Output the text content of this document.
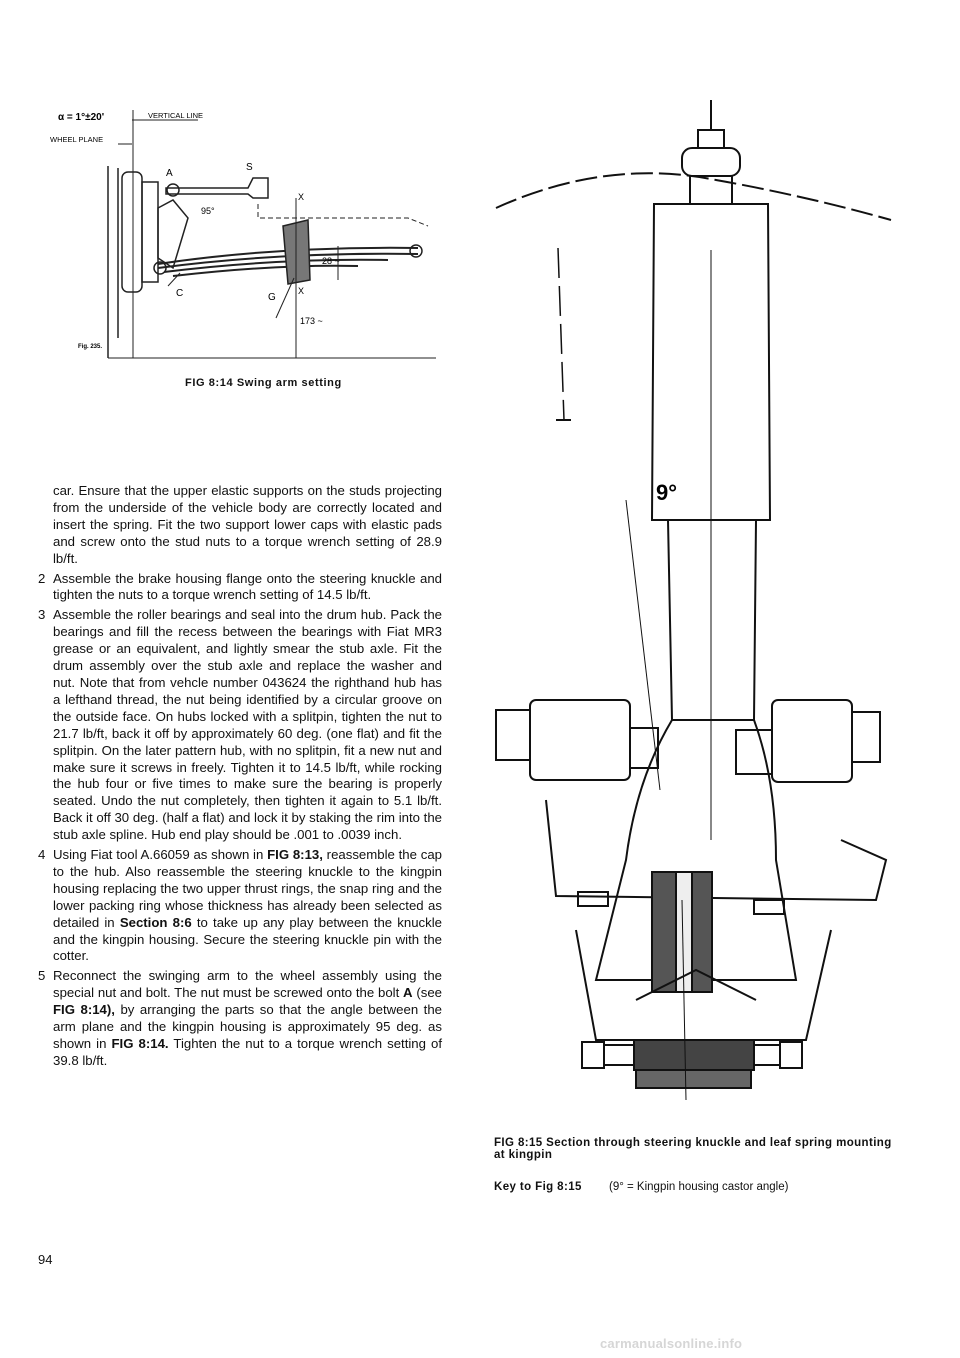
α = 1°±20'	VERTICAL LINE
WHEEL PLANE
A
S
95°
X
X
28 ~
C	G
173 ~
Fig. 235.
FIG 8:14 Swing arm setting

car. Ensure that the upper elastic supports on the studs projecting from the underside of the vehicle body are correctly located and insert the spring. Fit the two support lower caps with elastic pads and screw onto the stud nuts to a torque wrench setting of 28.9 lb/ft.

2 Assemble the brake housing flange onto the steering knuckle and tighten the nuts to a torque wrench setting of 14.5 lb/ft.
3 Assemble the roller bearings and seal into the drum hub. Pack the bearings and fill the recess between the bearings with Fiat MR3 grease or an equivalent, and lightly smear the stub axle. Fit the drum assembly over the stub axle and replace the washer and nut. Note that from vehcle number 043624 the righthand hub has a lefthand thread, the nut being identified by a circular groove on the outside face. On hubs locked with a splitpin, tighten the nut to 21.7 lb/ft, back it off by approximately 60 deg. (one flat) and fit the splitpin. On the later pattern hub, with no splitpin, fit a new nut and make sure it screws in freely. Tighten it to 14.5 lb/ft, while rocking the hub four or five times to make sure the bearing is properly seated. Undo the nut completely, then tighten it again to 5.1 lb/ft. Back it off 30 deg. (half a flat) and lock it by staking the rim into the stub axle spline. Hub end play should be .001 to .0039 inch.
4 Using Fiat tool A.66059 as shown in FIG 8:13, reassemble the cap to the hub. Also reassemble the steering knuckle to the kingpin housing replacing the two upper thrust rings, the snap ring and the lower packing ring whose thickness has already been selected as detailed in Section 8:6 to take up any play between the knuckle and the kingpin housing. Secure the steering knuckle pin with the cotter.
5 Reconnect the swinging arm to the wheel assembly using the special nut and bolt. The nut must be screwed onto the bolt A (see FIG 8:14), by arranging the parts so that the angle between the arm plane and the kingpin housing is approximately 95 deg. as shown in FIG 8:14. Tighten the nut to a torque wrench setting of 39.8 lb/ft.
9°
FIG 8:15 Section through steering knuckle and leaf spring mounting at kingpin
Key to Fig 8:15 (9° = Kingpin housing castor angle)
94
carmanualsonline.info
